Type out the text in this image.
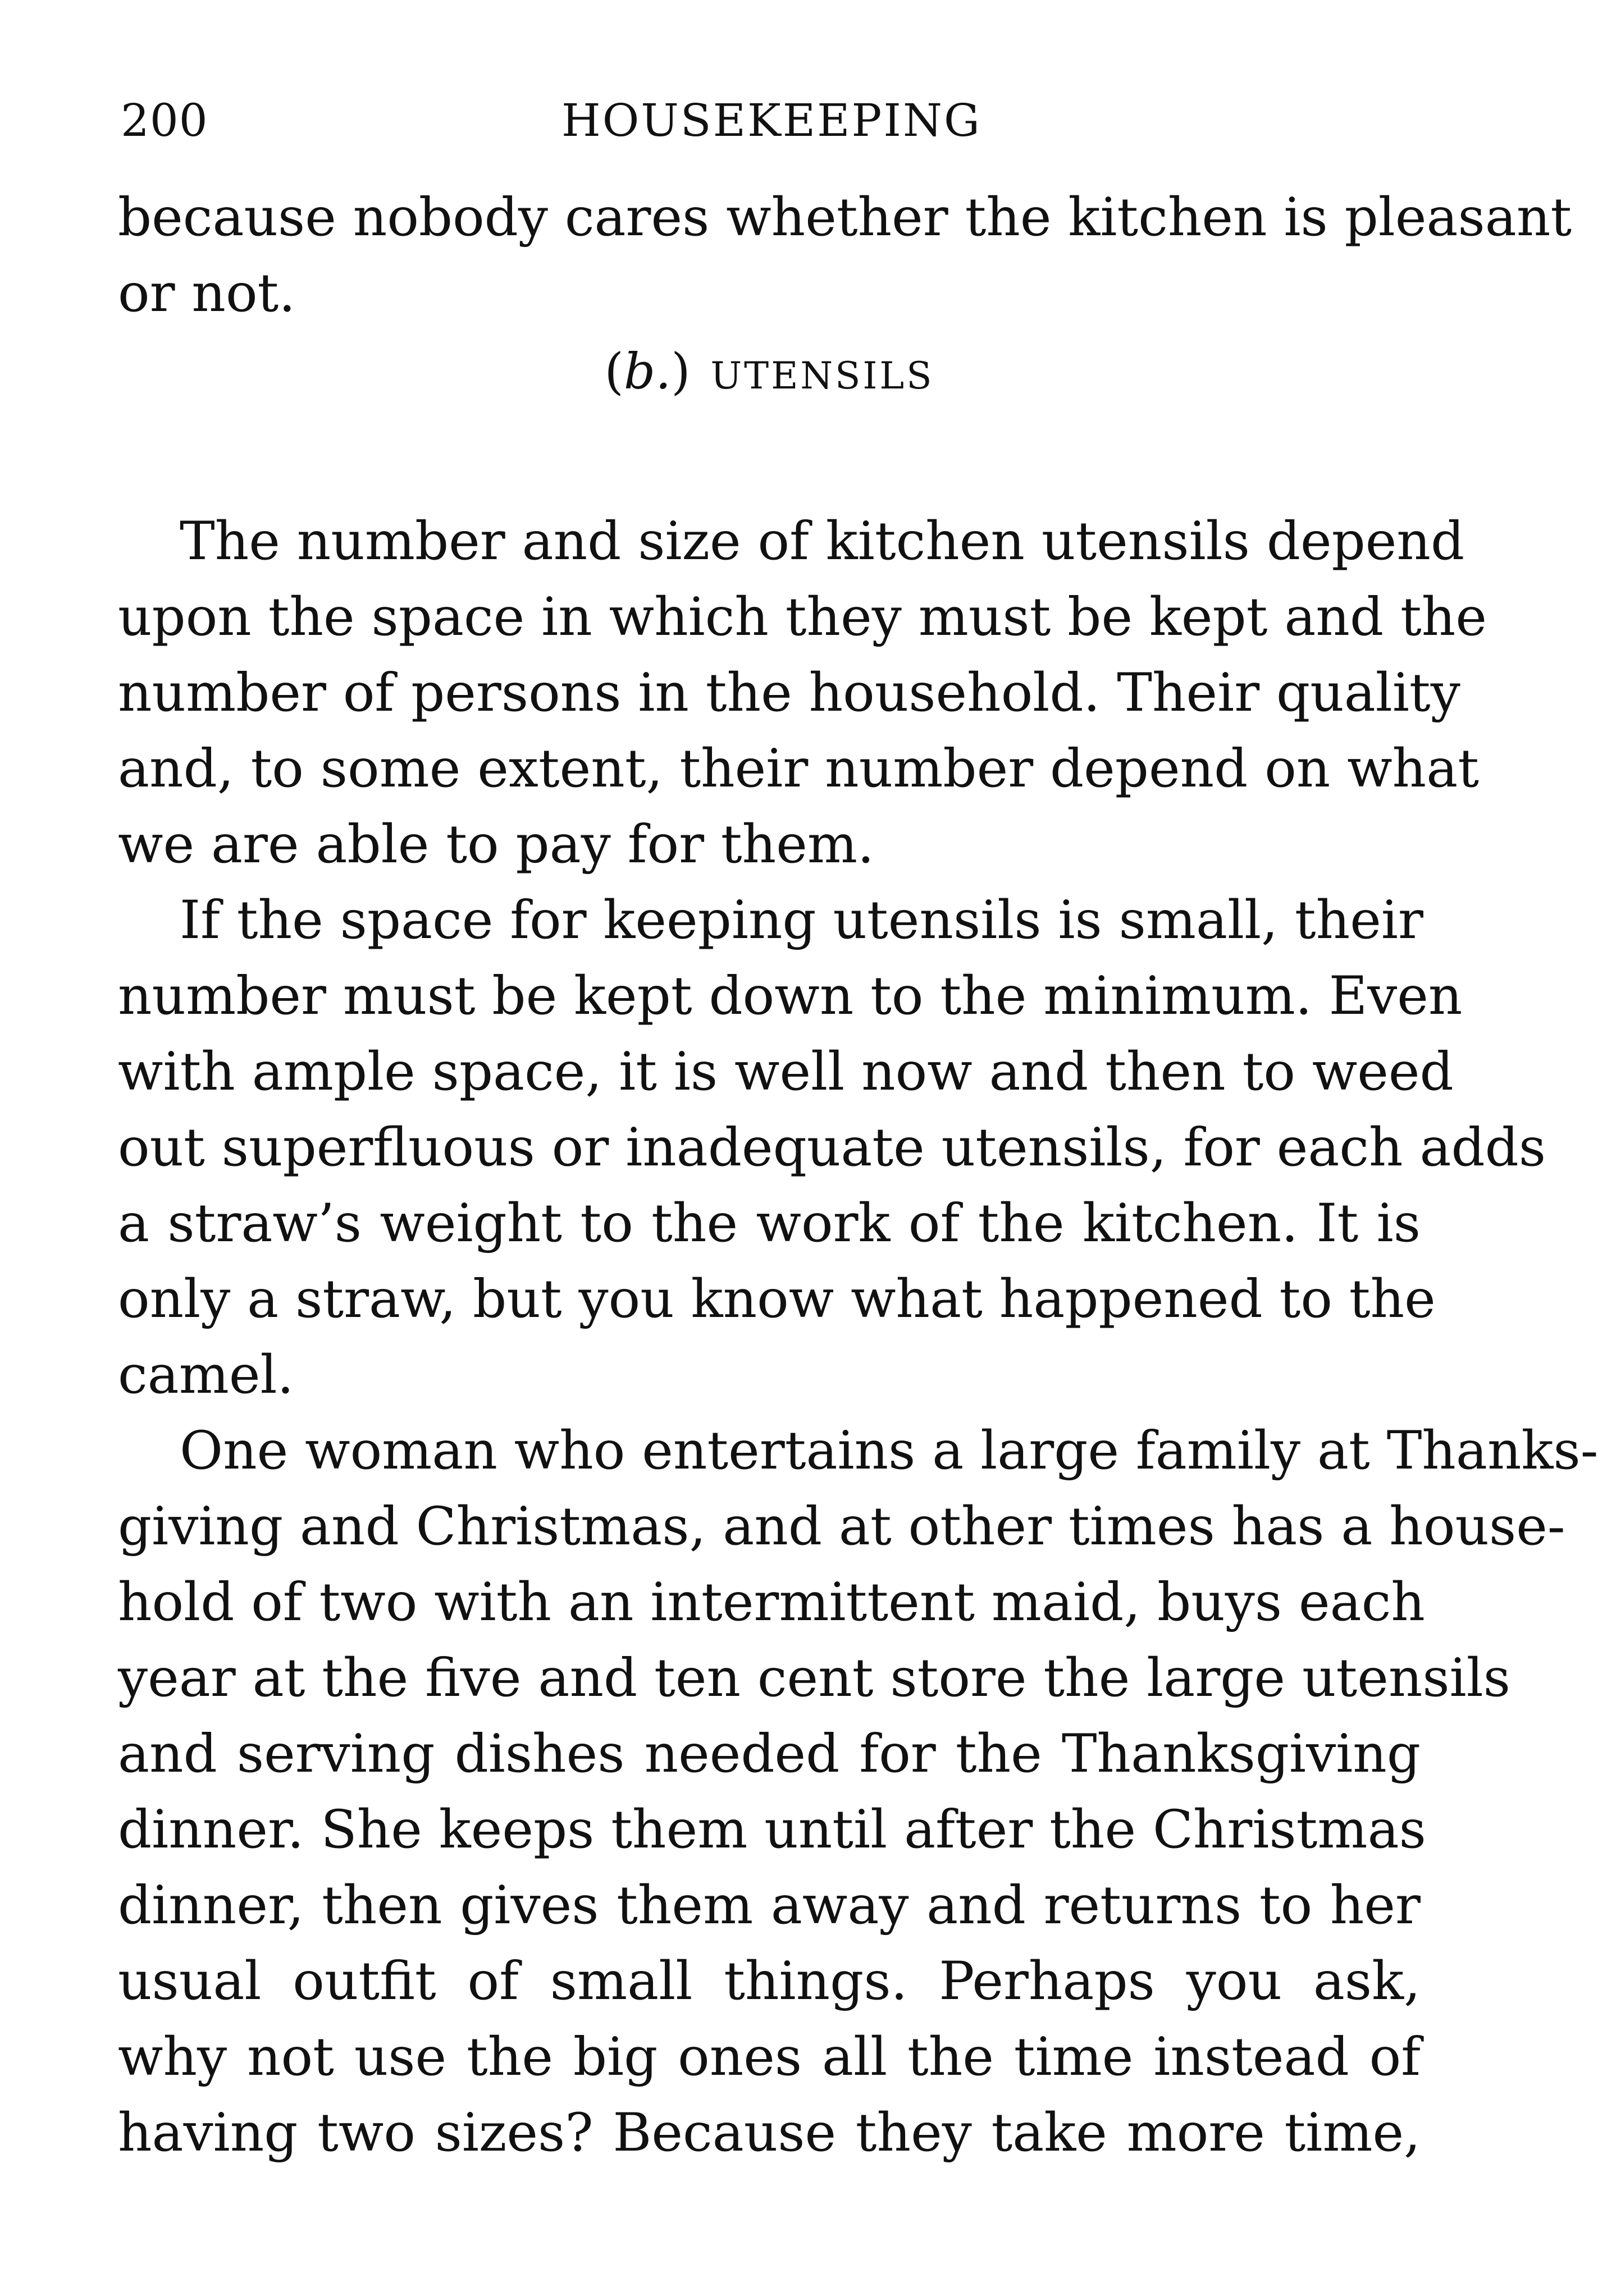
200	HOUSEKEEPING
because nobody cares whether the kitchen is pleasant
or not.
(b.) UTENSILS
The number and size of kitchen utensils depend
upon the space in which they must be kept and the
number of persons in the household. Their quality
and, to some extent, their number depend on what
we are able to pay for them.
If the space for keeping utensils is small, their
number must be kept down to the minimum. Even
with ample space, it is well now and then to weed
out superfluous or inadequate utensils, for each adds
a straw’s weight to the work of the kitchen. It is
only a straw, but you know what happened to the
camel.
One woman who entertains a large family at Thanks-
giving and Christmas, and at other times has a house-
hold of two with an intermittent maid, buys each
year at the five and ten cent store the large utensils
and serving dishes needed for the Thanksgiving
dinner. She keeps them until after the Christmas
dinner, then gives them away and returns to her
usual outfit of small things. Perhaps you ask,
why not use the big ones all the time instead of
having two sizes? Because they take more time,
